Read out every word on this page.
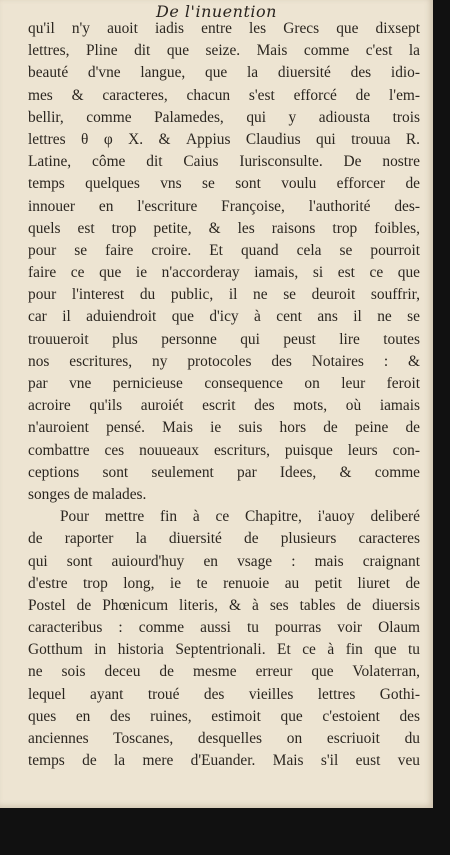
De l'inuention
qu'il n'y auoit iadis entre les Grecs que dixsept
lettres, Pline dit que seize. Mais comme c'est la
beauté d'vne langue, que la diuersité des idio-
mes & caracteres, chacun s'est efforcé de l'em-
bellir, comme Palamedes, qui y adiousta trois
lettres θ φ Χ. & Appius Claudius qui trouua R.
Latine, côme dit Caius Iurisconsulte. De nostre
temps quelques vns se sont voulu efforcer de
innouer en l'escriture Françoise, l'authorité des-
quels est trop petite, & les raisons trop foibles,
pour se faire croire. Et quand cela se pourroit
faire ce que ie n'accorderay iamais, si est ce que
pour l'interest du public, il ne se deuroit souffrir,
car il aduiendroit que d'icy à cent ans il ne se
trouueroit plus personne qui peust lire toutes
nos escritures, ny protocoles des Notaires : &
par vne pernicieuse consequence on leur feroit
acroire qu'ils auroiét escrit des mots, où iamais
n'auroient pensé. Mais ie suis hors de peine de
combattre ces nouueaux escriturs, puisque leurs con-
ceptions sont seulement par Idees, & comme
songes de malades.
Pour mettre fin à ce Chapitre, i'auoy deliberé
de raporter la diuersité de plusieurs caracteres
qui sont auiourd'huy en vsage : mais craignant
d'estre trop long, ie te renuoie au petit liuret de
Postel de Phœnicum literis, & à ses tables de diuersis
caracteribus : comme aussi tu pourras voir Olaum
Gotthum in historia Septentrionali. Et ce à fin que tu
ne sois deceu de mesme erreur que Volaterran,
lequel ayant troué des vieilles lettres Gothi-
ques en des ruines, estimoit que c'estoient des
anciennes Toscanes, desquelles on escriuoit du
temps de la mere d'Euander. Mais s'il eust veu
